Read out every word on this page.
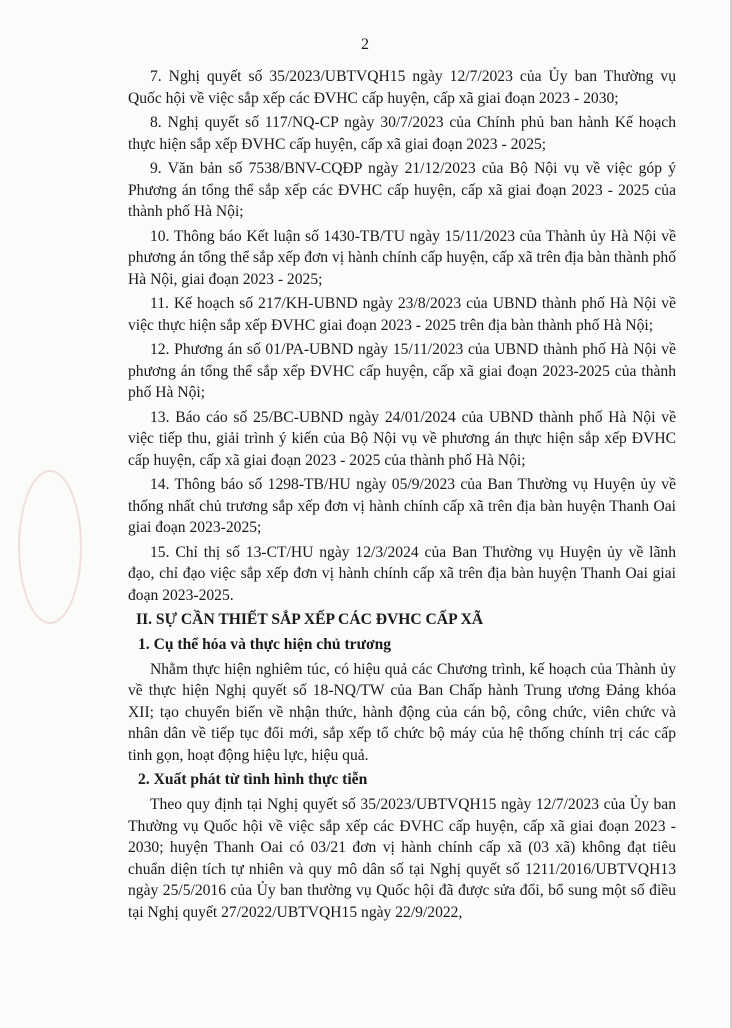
2

7. Nghị quyết số 35/2023/UBTVQH15 ngày 12/7/2023 của Ủy ban Thường vụ Quốc hội về việc sắp xếp các ĐVHC cấp huyện, cấp xã giai đoạn 2023 - 2030;

8. Nghị quyết số 117/NQ-CP ngày 30/7/2023 của Chính phủ ban hành Kế hoạch thực hiện sắp xếp ĐVHC cấp huyện, cấp xã giai đoạn 2023 - 2025;

9. Văn bản số 7538/BNV-CQĐP ngày 21/12/2023 của Bộ Nội vụ về việc góp ý Phương án tổng thể sắp xếp các ĐVHC cấp huyện, cấp xã giai đoạn 2023 - 2025 của thành phố Hà Nội;

10. Thông báo Kết luận số 1430-TB/TU ngày 15/11/2023 của Thành ủy Hà Nội về phương án tổng thể sắp xếp đơn vị hành chính cấp huyện, cấp xã trên địa bàn thành phố Hà Nội, giai đoạn 2023 - 2025;

11. Kế hoạch số 217/KH-UBND ngày 23/8/2023 của UBND thành phố Hà Nội về việc thực hiện sắp xếp ĐVHC giai đoạn 2023 - 2025 trên địa bàn thành phố Hà Nội;

12. Phương án số 01/PA-UBND ngày 15/11/2023 của UBND thành phố Hà Nội về phương án tổng thể sắp xếp ĐVHC cấp huyện, cấp xã giai đoạn 2023-2025 của thành phố Hà Nội;

13. Báo cáo số 25/BC-UBND ngày 24/01/2024 của UBND thành phố Hà Nội về việc tiếp thu, giải trình ý kiến của Bộ Nội vụ về phương án thực hiện sắp xếp ĐVHC cấp huyện, cấp xã giai đoạn 2023 - 2025 của thành phố Hà Nội;

14. Thông báo số 1298-TB/HU ngày 05/9/2023 của Ban Thường vụ Huyện ủy về thống nhất chủ trương sắp xếp đơn vị hành chính cấp xã trên địa bàn huyện Thanh Oai giai đoạn 2023-2025;

15. Chỉ thị số 13-CT/HU ngày 12/3/2024 của Ban Thường vụ Huyện ủy về lãnh đạo, chỉ đạo việc sắp xếp đơn vị hành chính cấp xã trên địa bàn huyện Thanh Oai giai đoạn 2023-2025.

II. SỰ CẦN THIẾT SẮP XẾP CÁC ĐVHC CẤP XÃ

1. Cụ thể hóa và thực hiện chủ trương

Nhằm thực hiện nghiêm túc, có hiệu quả các Chương trình, kế hoạch của Thành ủy về thực hiện Nghị quyết số 18-NQ/TW của Ban Chấp hành Trung ương Đảng khóa XII; tạo chuyển biến về nhận thức, hành động của cán bộ, công chức, viên chức và nhân dân về tiếp tục đổi mới, sắp xếp tổ chức bộ máy của hệ thống chính trị các cấp tinh gọn, hoạt động hiệu lực, hiệu quả.

2. Xuất phát từ tình hình thực tiễn

Theo quy định tại Nghị quyết số 35/2023/UBTVQH15 ngày 12/7/2023 của Ủy ban Thường vụ Quốc hội về việc sắp xếp các ĐVHC cấp huyện, cấp xã giai đoạn 2023 - 2030; huyện Thanh Oai có 03/21 đơn vị hành chính cấp xã (03 xã) không đạt tiêu chuẩn diện tích tự nhiên và quy mô dân số tại Nghị quyết số 1211/2016/UBTVQH13 ngày 25/5/2016 của Ủy ban thường vụ Quốc hội đã được sửa đổi, bổ sung một số điều tại Nghị quyết 27/2022/UBTVQH15 ngày 22/9/2022,
